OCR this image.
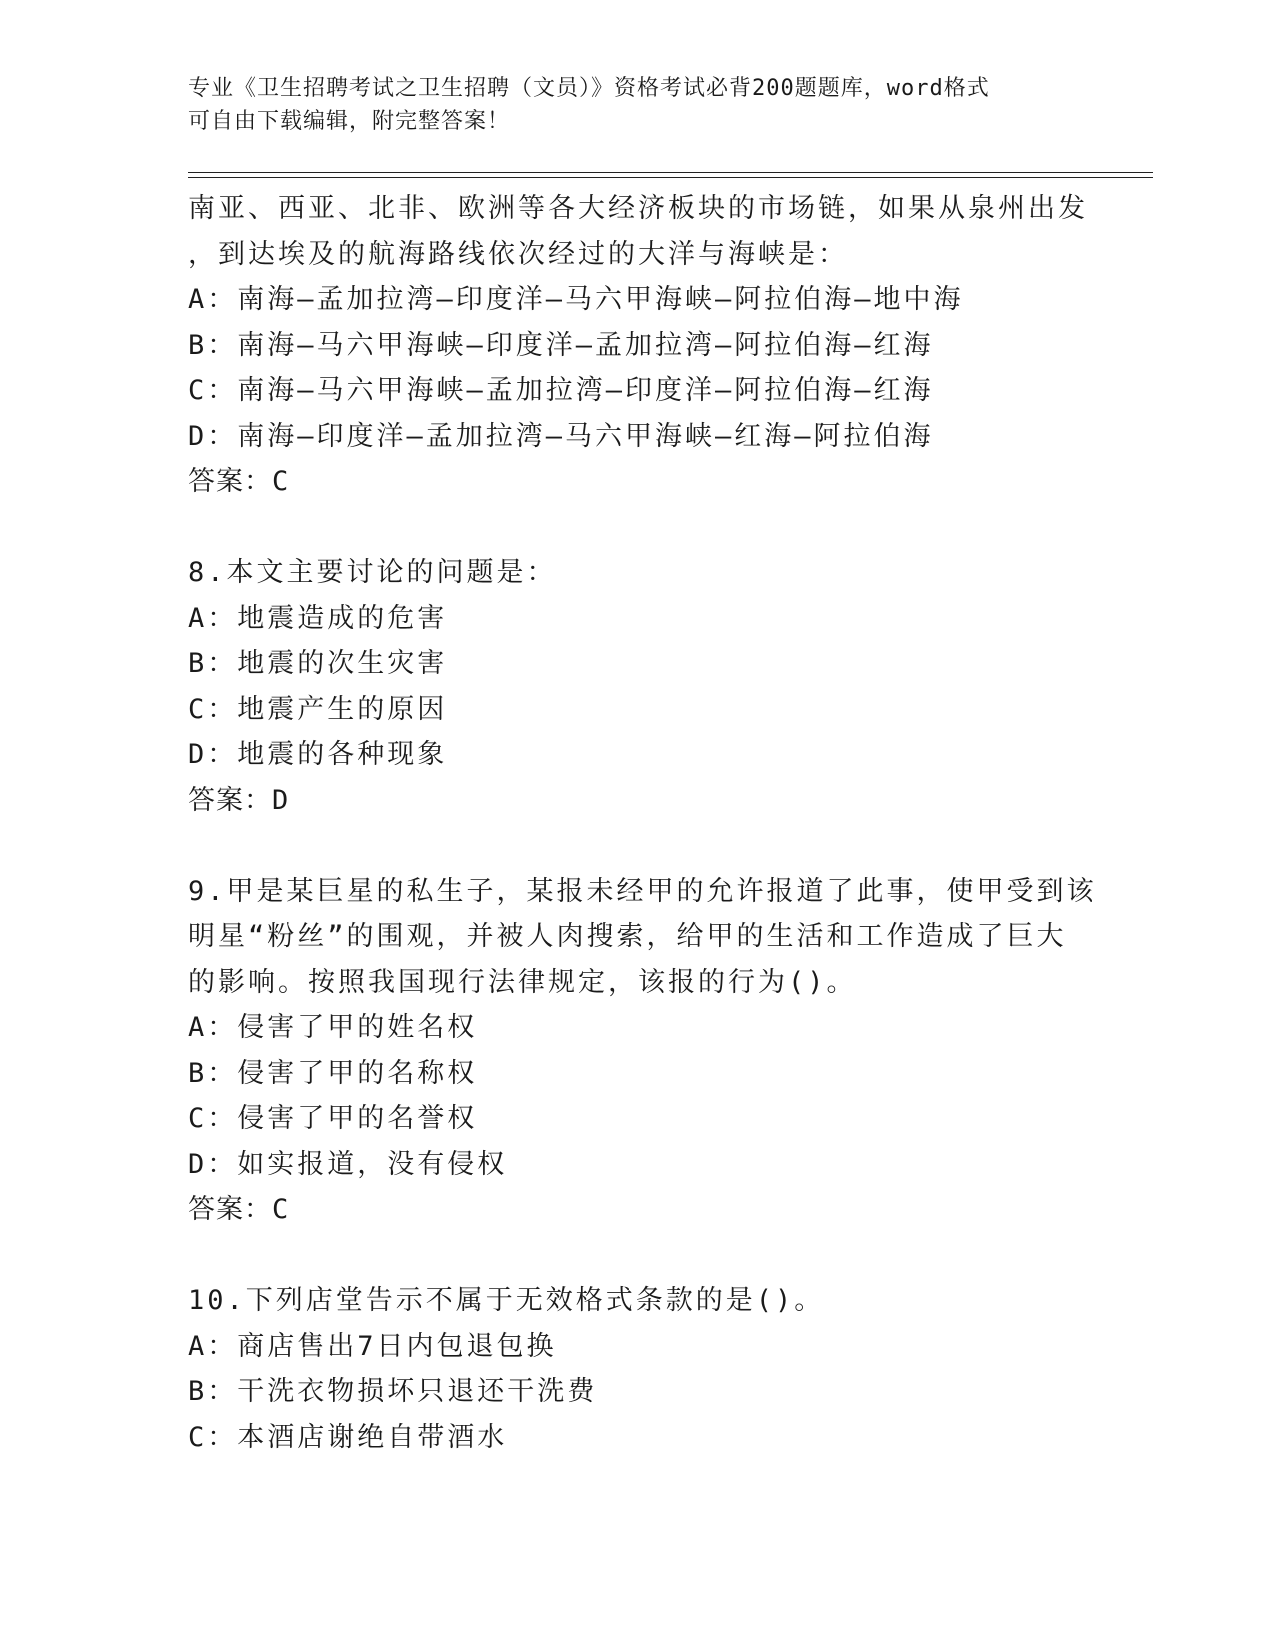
专业《卫生招聘考试之卫生招聘（文员）》资格考试必背200题题库，word格式
可自由下载编辑，附完整答案！
南亚、西亚、北非、欧洲等各大经济板块的市场链，如果从泉州出发
，到达埃及的航海路线依次经过的大洋与海峡是：
A：南海—孟加拉湾—印度洋—马六甲海峡—阿拉伯海—地中海
B：南海—马六甲海峡—印度洋—孟加拉湾—阿拉伯海—红海
C：南海—马六甲海峡—孟加拉湾—印度洋—阿拉伯海—红海
D：南海—印度洋—孟加拉湾—马六甲海峡—红海—阿拉伯海
答案：C
8.本文主要讨论的问题是：
A：地震造成的危害
B：地震的次生灾害
C：地震产生的原因
D：地震的各种现象
答案：D
9.甲是某巨星的私生子，某报未经甲的允许报道了此事，使甲受到该
明星“粉丝”的围观，并被人肉搜索，给甲的生活和工作造成了巨大
的影响。按照我国现行法律规定，该报的行为()。
A：侵害了甲的姓名权
B：侵害了甲的名称权
C：侵害了甲的名誉权
D：如实报道，没有侵权
答案：C
10.下列店堂告示不属于无效格式条款的是()。
A：商店售出7日内包退包换
B：干洗衣物损坏只退还干洗费
C：本酒店谢绝自带酒水
